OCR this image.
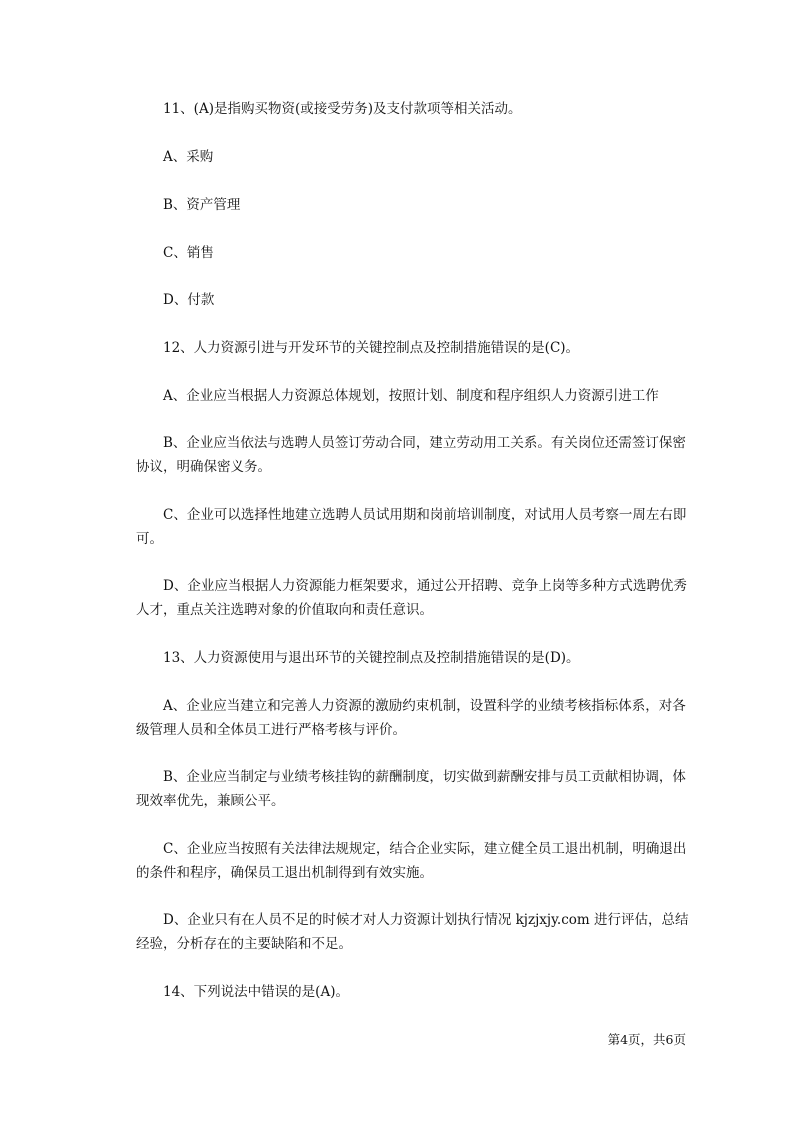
11、(A)是指购买物资(或接受劳务)及支付款项等相关活动。
A、采购
B、资产管理
C、销售
D、付款
12、人力资源引进与开发环节的关键控制点及控制措施错误的是(C)。
A、企业应当根据人力资源总体规划，按照计划、制度和程序组织人力资源引进工作
B、企业应当依法与选聘人员签订劳动合同，建立劳动用工关系。有关岗位还需签订保密协议，明确保密义务。
C、企业可以选择性地建立选聘人员试用期和岗前培训制度，对试用人员考察一周左右即可。
D、企业应当根据人力资源能力框架要求，通过公开招聘、竞争上岗等多种方式选聘优秀人才，重点关注选聘对象的价值取向和责任意识。
13、人力资源使用与退出环节的关键控制点及控制措施错误的是(D)。
A、企业应当建立和完善人力资源的激励约束机制，设置科学的业绩考核指标体系，对各级管理人员和全体员工进行严格考核与评价。
B、企业应当制定与业绩考核挂钩的薪酬制度，切实做到薪酬安排与员工贡献相协调，体现效率优先，兼顾公平。
C、企业应当按照有关法律法规规定，结合企业实际，建立健全员工退出机制，明确退出的条件和程序，确保员工退出机制得到有效实施。
D、企业只有在人员不足的时候才对人力资源计划执行情况 kjzjxjy.com 进行评估，总结经验，分析存在的主要缺陷和不足。
14、下列说法中错误的是(A)。
第4页，共6页
